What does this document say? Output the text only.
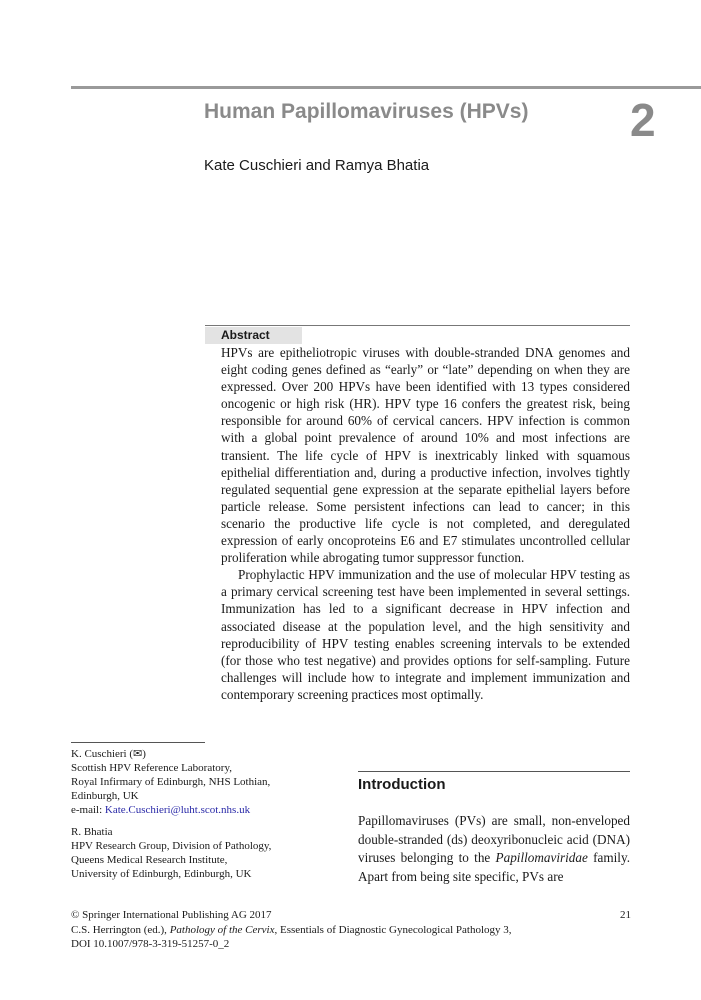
Human Papillomaviruses (HPVs) 2
Kate Cuschieri and Ramya Bhatia
Abstract

HPVs are epitheliotropic viruses with double-stranded DNA genomes and eight coding genes defined as “early” or “late” depending on when they are expressed. Over 200 HPVs have been identified with 13 types considered oncogenic or high risk (HR). HPV type 16 confers the greatest risk, being responsible for around 60% of cervical cancers. HPV infection is common with a global point prevalence of around 10% and most infections are transient. The life cycle of HPV is inextricably linked with squamous epithelial differentiation and, during a productive infection, involves tightly regulated sequential gene expression at the separate epithelial layers before particle release. Some persistent infections can lead to cancer; in this scenario the productive life cycle is not completed, and deregulated expression of early oncoproteins E6 and E7 stimulates uncontrolled cellular proliferation while abrogating tumor suppressor function.

Prophylactic HPV immunization and the use of molecular HPV testing as a primary cervical screening test have been implemented in several settings. Immunization has led to a significant decrease in HPV infection and associated disease at the population level, and the high sensitivity and reproducibility of HPV testing enables screening intervals to be extended (for those who test negative) and provides options for self-sampling. Future challenges will include how to integrate and implement immunization and contemporary screening practices most optimally.

K. Cuschieri (✉)
Scottish HPV Reference Laboratory,
Royal Infirmary of Edinburgh, NHS Lothian,
Edinburgh, UK
e-mail: Kate.Cuschieri@luht.scot.nhs.uk
R. Bhatia
HPV Research Group, Division of Pathology,
Queens Medical Research Institute,
University of Edinburgh, Edinburgh, UK
Introduction
Papillomaviruses (PVs) are small, non-enveloped double-stranded (ds) deoxyribonucleic acid (DNA) viruses belonging to the Papillomaviridae family. Apart from being site specific, PVs are
© Springer International Publishing AG 2017	21
C.S. Herrington (ed.), Pathology of the Cervix, Essentials of Diagnostic Gynecological Pathology 3,
DOI 10.1007/978-3-319-51257-0_2
